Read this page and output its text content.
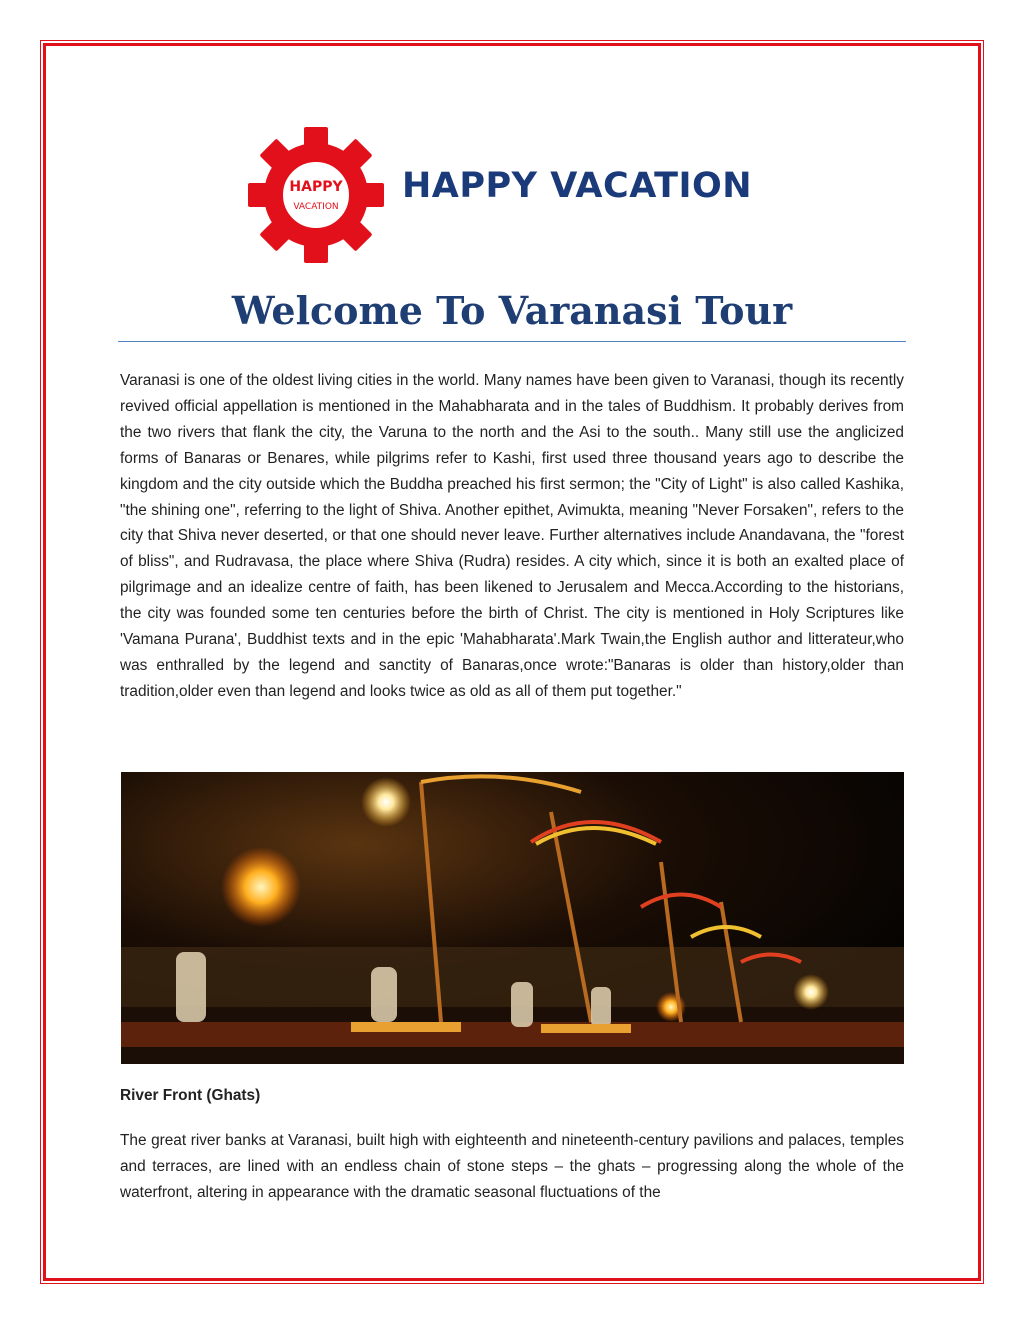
HAPPY
VACATION
HAPPY VACATION
Welcome To Varanasi Tour

Varanasi is one of the oldest living cities in the world. Many names have been given to Varanasi, though its recently revived official appellation is mentioned in the Mahabharata and in the tales of Buddhism. It probably derives from the two rivers that flank the city, the Varuna to the north and the Asi to the south.. Many still use the anglicized forms of Banaras or Benares, while pilgrims refer to Kashi, first used three thousand years ago to describe the kingdom and the city outside which the Buddha preached his first sermon; the "City of Light" is also called Kashika, "the shining one", referring to the light of Shiva. Another epithet, Avimukta, meaning "Never Forsaken", refers to the city that Shiva never deserted, or that one should never leave. Further alternatives include Anandavana, the "forest of bliss", and Rudravasa, the place where Shiva (Rudra) resides. A city which, since it is both an exalted place of pilgrimage and an idealize centre of faith, has been likened to Jerusalem and Mecca.According to the historians, the city was founded some ten centuries before the birth of Christ. The city is mentioned in Holy Scriptures like 'Vamana Purana', Buddhist texts and in the epic 'Mahabharata'.Mark Twain,the English author and litterateur,who was enthralled by the legend and sanctity of Banaras,once wrote:"Banaras is older than history,older than tradition,older even than legend and looks twice as old as all of them put together."

River Front (Ghats)

The great river banks at Varanasi, built high with eighteenth and nineteenth-century pavilions and palaces, temples and terraces, are lined with an endless chain of stone steps – the ghats – progressing along the whole of the waterfront, altering in appearance with the dramatic seasonal fluctuations of the
